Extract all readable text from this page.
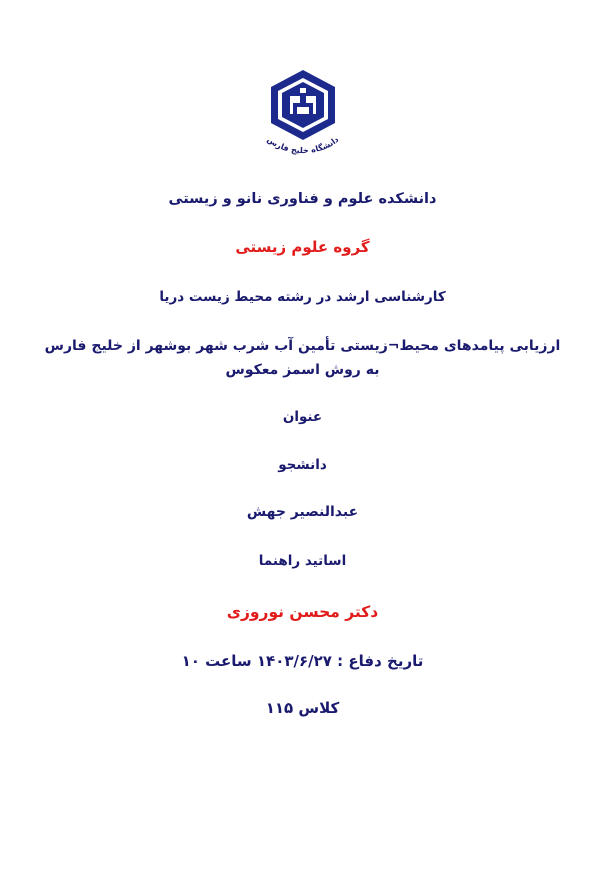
دانشگاه خلیج فارس

دانشکده علوم و فناوری نانو و زیستی

گروه علوم زیستی

کارشناسی ارشد در رشته محیط زیست دریا

ارزیابی پیامدهای محیط¬زیستی تأمین آب شرب شهر بوشهر از خلیج فارس به روش اسمز معکوس

عنوان

دانشجو

عبدالنصیر جهش

اساتید راهنما

دکتر محسن نوروزی

تاریخ دفاع : ۱۴۰۳/۶/۲۷ ساعت ۱۰

کلاس ۱۱۵
